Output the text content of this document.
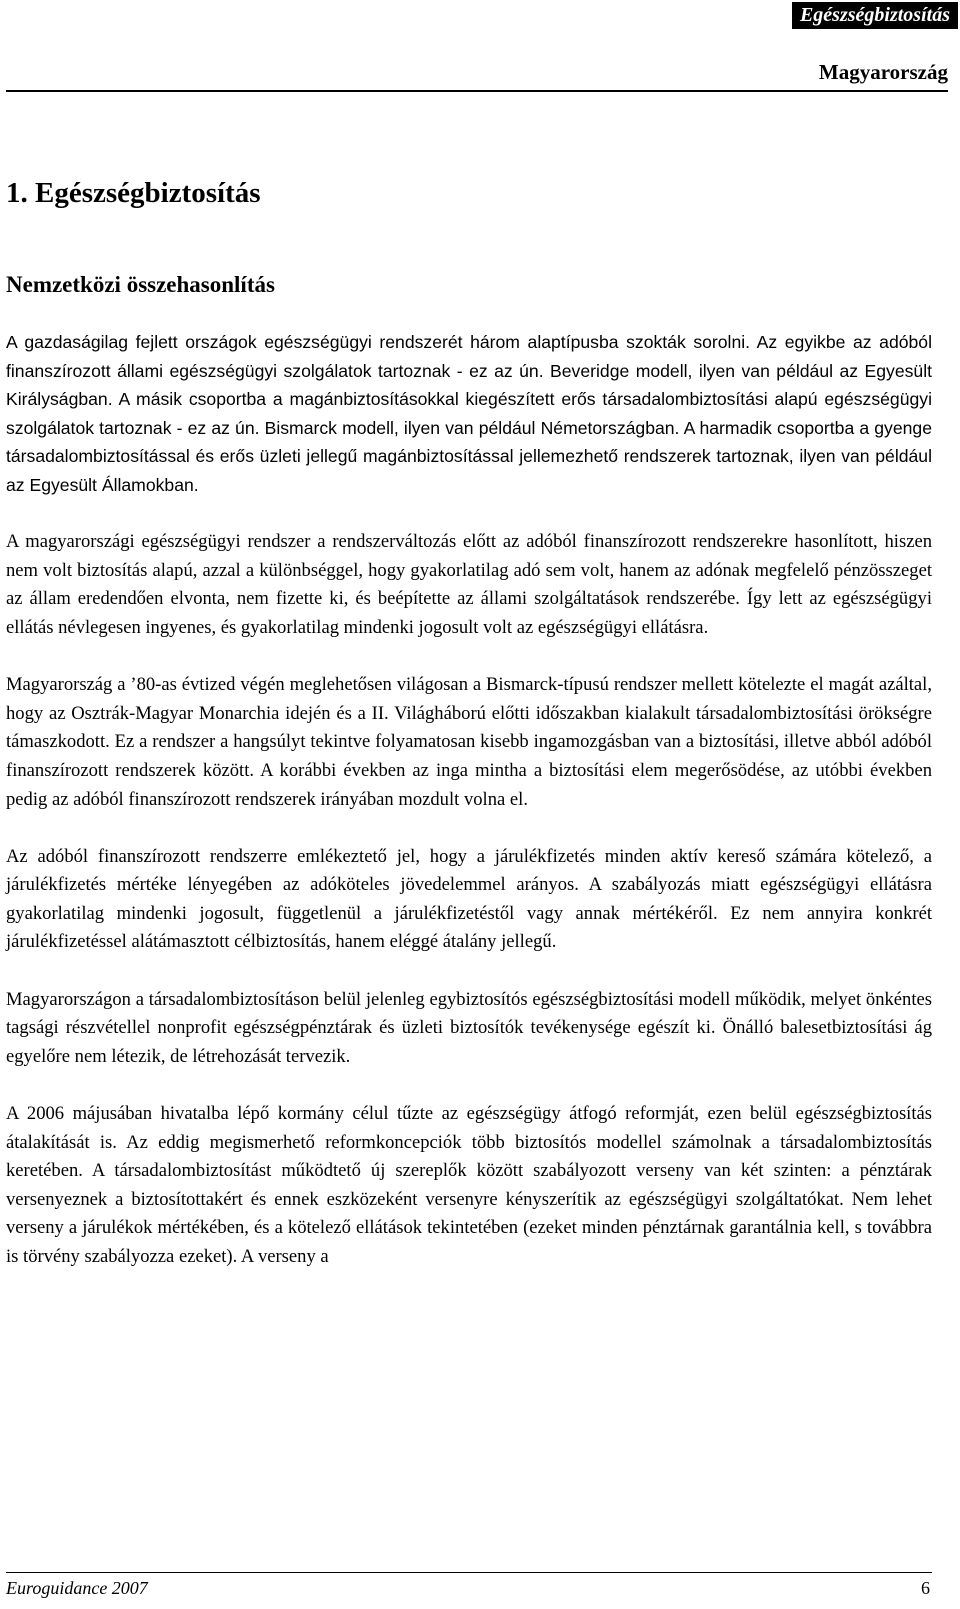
Egészségbiztosítás
Magyarország
1. Egészségbiztosítás
Nemzetközi összehasonlítás

A gazdaságilag fejlett országok egészségügyi rendszerét három alaptípusba szokták sorolni. Az egyikbe az adóból finanszírozott állami egészségügyi szolgálatok tartoznak - ez az ún. Beveridge modell, ilyen van például az Egyesült Királyságban. A másik csoportba a magánbiztosításokkal kiegészített erős társadalombiztosítási alapú egészségügyi szolgálatok tartoznak - ez az ún. Bismarck modell, ilyen van például Németországban. A harmadik csoportba a gyenge társadalombiztosítással és erős üzleti jellegű magánbiztosítással jellemezhető rendszerek tartoznak, ilyen van például az Egyesült Államokban.

A magyarországi egészségügyi rendszer a rendszerváltozás előtt az adóból finanszírozott rendszerekre hasonlított, hiszen nem volt biztosítás alapú, azzal a különbséggel, hogy gyakorlatilag adó sem volt, hanem az adónak megfelelő pénzösszeget az állam eredendően elvonta, nem fizette ki, és beépítette az állami szolgáltatások rendszerébe. Így lett az egészségügyi ellátás névlegesen ingyenes, és gyakorlatilag mindenki jogosult volt az egészségügyi ellátásra.

Magyarország a ’80-as évtized végén meglehetősen világosan a Bismarck-típusú rendszer mellett kötelezte el magát azáltal, hogy az Osztrák-Magyar Monarchia idején és a II. Világháború előtti időszakban kialakult társadalombiztosítási örökségre támaszkodott. Ez a rendszer a hangsúlyt tekintve folyamatosan kisebb ingamozgásban van a biztosítási, illetve abból adóból finanszírozott rendszerek között. A korábbi években az inga mintha a biztosítási elem megerősödése, az utóbbi években pedig az adóból finanszírozott rendszerek irányában mozdult volna el.

Az adóból finanszírozott rendszerre emlékeztető jel, hogy a járulékfizetés minden aktív kereső számára kötelező, a járulékfizetés mértéke lényegében az adóköteles jövedelemmel arányos. A szabályozás miatt egészségügyi ellátásra gyakorlatilag mindenki jogosult, függetlenül a járulékfizetéstől vagy annak mértékéről. Ez nem annyira konkrét járulékfizetéssel alátámasztott célbiztosítás, hanem eléggé átalány jellegű.

Magyarországon a társadalombiztosításon belül jelenleg egybiztosítós egészségbiztosítási modell működik, melyet önkéntes tagsági részvétellel nonprofit egészségpénztárak és üzleti biztosítók tevékenysége egészít ki. Önálló balesetbiztosítási ág egyelőre nem létezik, de létrehozását tervezik.

A 2006 májusában hivatalba lépő kormány célul tűzte az egészségügy átfogó reformját, ezen belül egészségbiztosítás átalakítását is. Az eddig megismerhető reformkoncepciók több biztosítós modellel számolnak a társadalombiztosítás keretében. A társadalombiztosítást működtető új szereplők között szabályozott verseny van két szinten: a pénztárak versenyeznek a biztosítottakért és ennek eszközeként versenyre kényszerítik az egészségügyi szolgáltatókat. Nem lehet verseny a járulékok mértékében, és a kötelező ellátások tekintetében (ezeket minden pénztárnak garantálnia kell, s továbbra is törvény szabályozza ezeket). A verseny a

Euroguidance 2007	6
